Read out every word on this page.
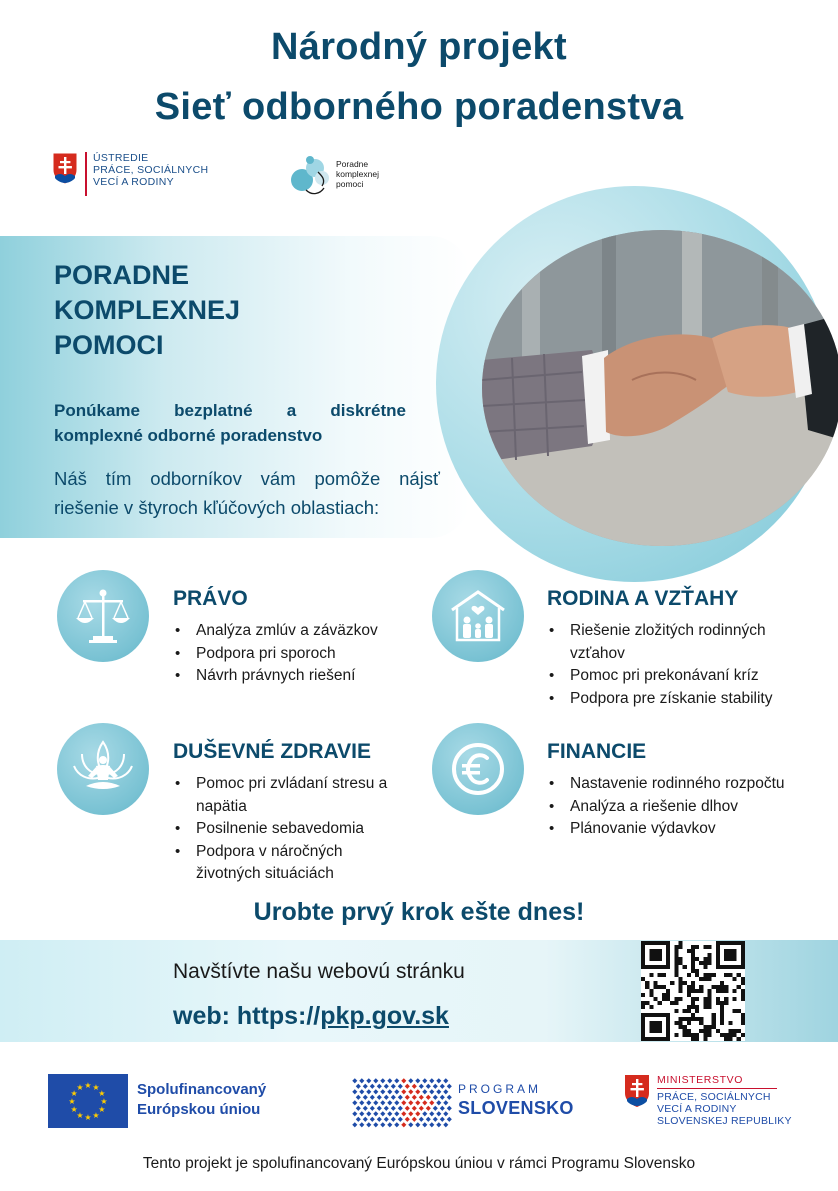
Národný projekt
Sieť odborného poradenstva
ÚSTREDIE
PRÁCE, SOCIÁLNYCH
VECÍ A RODINY
Poradne
komplexnej
pomoci
PORADNE
KOMPLEXNEJ
POMOCI
Ponúkame bezplatné a diskrétne komplexné odborné poradenstvo
Náš tím odborníkov vám pomôže nájsť riešenie v štyroch kľúčových oblastiach:
PRÁVO
• Analýza zmlúv a záväzkov
• Podpora pri sporoch
• Návrh právnych riešení
RODINA A VZŤAHY
• Riešenie zložitých rodinných vzťahov
• Pomoc pri prekonávaní kríz
• Podpora pre získanie stability
DUŠEVNÉ ZDRAVIE
• Pomoc pri zvládaní stresu a napätia
• Posilnenie sebavedomia
• Podpora v náročných životných situáciách
FINANCIE
• Nastavenie rodinného rozpočtu
• Analýza a riešenie dlhov
• Plánovanie výdavkov
Urobte prvý krok ešte dnes!
Navštívte našu webovú stránku
web: https://pkp.gov.sk
★
★
★
★
★
★
★
★
★ ★ ★
★ Spolufinancovaný
Európskou úniou
PROGRAM
SLOVENSKO
MINISTERSTVO
PRÁCE, SOCIÁLNYCH
VECÍ A RODINY
SLOVENSKEJ REPUBLIKY
Tento projekt je spolufinancovaný Európskou úniou v rámci Programu Slovensko
